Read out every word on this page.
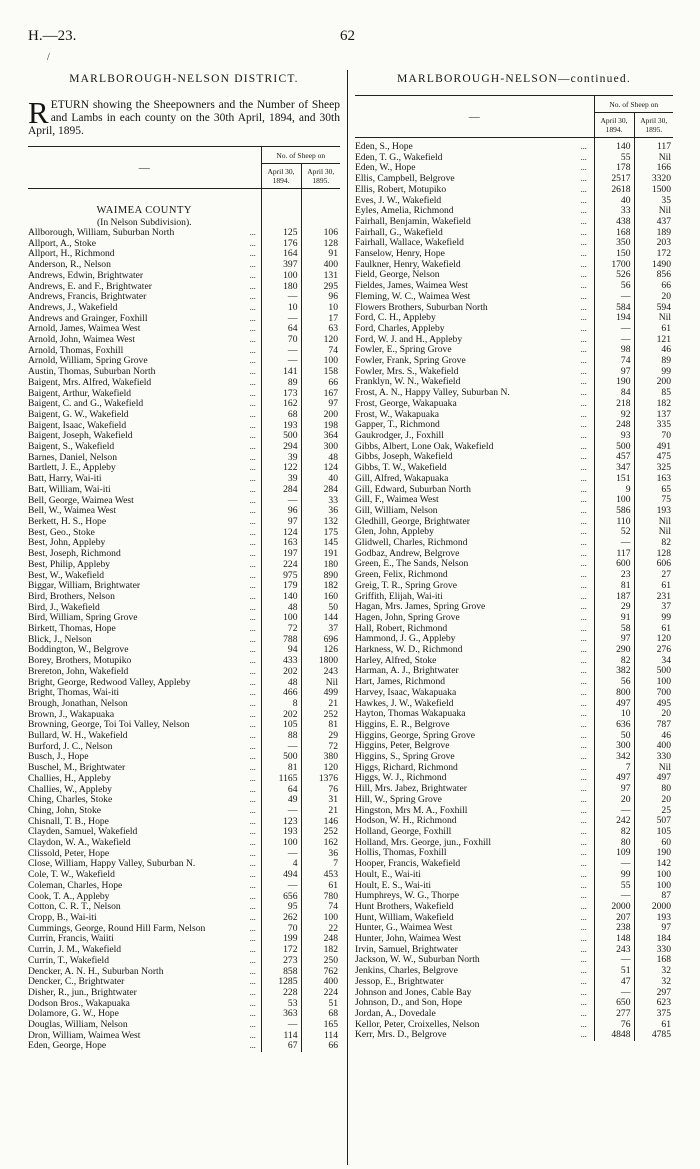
H.—23.	62
/
MARLBOROUGH-NELSON DISTRICT.
RETURN showing the Sheepowners and the Number of Sheep and Lambs in each county on the 30th April, 1894, and 30th April, 1895.
—		No. of Sheep on	
		April 30, 1894.	April 30, 1895.

WAIMEA COUNTY			
(In Nelson Subdivision).			
Allborough, William, Suburban North	...	125	106
Allport, A., Stoke	...	176	128
Allport, H., Richmond	...	164	91
Anderson, R., Nelson	...	397	400
Andrews, Edwin, Brightwater	...	100	131
Andrews, E. and F., Brightwater	...	180	295
Andrews, Francis, Brightwater	...	—	96
Andrews, J., Wakefield	...	10	10
Andrews and Grainger, Foxhill	...	—	17
Arnold, James, Waimea West	...	64	63
Arnold, John, Waimea West	...	70	120
Arnold, Thomas, Foxhill	...	—	74
Arnold, William, Spring Grove	...	—	100
Austin, Thomas, Suburban North	...	141	158
Baigent, Mrs. Alfred, Wakefield	...	89	66
Baigent, Arthur, Wakefield	...	173	167
Baigent, C. and G., Wakefield	...	162	97
Baigent, G. W., Wakefield	...	68	200
Baigent, Isaac, Wakefield	...	193	198
Baigent, Joseph, Wakefield	...	500	364
Baigent, S., Wakefield	...	294	300
Barnes, Daniel, Nelson	...	39	48
Bartlett, J. E., Appleby	...	122	124
Batt, Harry, Wai-iti	...	39	40
Batt, William, Wai-iti	...	284	284
Bell, George, Waimea West	...	—	33
Bell, W., Waimea West	...	96	36
Berkett, H. S., Hope	...	97	132
Best, Geo., Stoke	...	124	175
Best, John, Appleby	...	163	145
Best, Joseph, Richmond	...	197	191
Best, Philip, Appleby	...	224	180
Best, W., Wakefield	...	975	890
Biggar, William, Brightwater	...	179	182
Bird, Brothers, Nelson	...	140	160
Bird, J., Wakefield	...	48	50
Bird, William, Spring Grove	...	100	144
Birkett, Thomas, Hope	...	72	37
Blick, J., Nelson	...	788	696
Boddington, W., Belgrove	...	94	126
Borey, Brothers, Motupiko	...	433	1800
Brereton, John, Wakefield	...	202	243
Bright, George, Redwood Valley, Appleby	...	48	Nil
Bright, Thomas, Wai-iti	...	466	499
Brough, Jonathan, Nelson	...	8	21
Brown, J., Wakapuaka	...	202	252
Browning, George, Toi Toi Valley, Nelson	...	105	81
Bullard, W. H., Wakefield	...	88	29
Burford, J. C., Nelson	...	—	72
Busch, J., Hope	...	500	380
Buschel, M., Brightwater	...	81	120
Challies, H., Appleby	...	1165	1376
Challies, W., Appleby	...	64	76
Ching, Charles, Stoke	...	49	31
Ching, John, Stoke	...	—	21
Chisnall, T. B., Hope	...	123	146
Clayden, Samuel, Wakefield	...	193	252
Claydon, W. A., Wakefield	...	100	162
Clissold, Peter, Hope	...	—	36
Close, William, Happy Valley, Suburban N.	...	4	7
Cole, T. W., Wakefield	...	494	453
Coleman, Charles, Hope	...	—	61
Cook, T. A., Appleby	...	656	780
Cotton, C. R. T., Nelson	...	95	74
Cropp, B., Wai-iti	...	262	100
Cummings, George, Round Hill Farm, Nelson	...	70	22
Currin, Francis, Waiiti	...	199	248
Currin, J. M., Wakefield	...	172	182
Currin, T., Wakefield	...	273	250
Dencker, A. N. H., Suburban North	...	858	762
Dencker, C., Brightwater	...	1285	400
Disher, R., jun., Brightwater	...	228	224
Dodson Bros., Wakapuaka	...	53	51
Dolamore, G. W., Hope	...	363	68
Douglas, William, Nelson	...	—	165
Dron, William, Waimea West	...	114	114
Eden, George, Hope	...	67	66
MARLBOROUGH-NELSON—continued.
—		No. of Sheep on	
		April 30, 1894.	April 30, 1895.

Eden, S., Hope	...	140	117
Eden, T. G., Wakefield	...	55	Nil
Eden, W., Hope	...	178	166
Ellis, Campbell, Belgrove	...	2517	3320
Ellis, Robert, Motupiko	...	2618	1500
Eves, J. W., Wakefield	...	40	35
Eyles, Amelia, Richmond	...	33	Nil
Fairhall, Benjamin, Wakefield	...	438	437
Fairhall, G., Wakefield	...	168	189
Fairhall, Wallace, Wakefield	...	350	203
Fanselow, Henry, Hope	...	150	172
Faulkner, Henry, Wakefield	...	1700	1490
Field, George, Nelson	...	526	856
Fieldes, James, Waimea West	...	56	66
Fleming, W. C., Waimea West	...	—	20
Flowers Brothers, Suburban North	...	584	594
Ford, C. H., Appleby	...	194	Nil
Ford, Charles, Appleby	...	—	61
Ford, W. J. and H., Appleby	...	—	121
Fowler, E., Spring Grove	...	98	46
Fowler, Frank, Spring Grove	...	74	89
Fowler, Mrs. S., Wakefield	...	97	99
Franklyn, W. N., Wakefield	...	190	200
Frost, A. N., Happy Valley, Suburban N.	...	84	85
Frost, George, Wakapuaka	...	218	182
Frost, W., Wakapuaka	...	92	137
Gapper, T., Richmond	...	248	335
Gaukrodger, J., Foxhill	...	93	70
Gibbs, Albert, Lone Oak, Wakefield	...	500	491
Gibbs, Joseph, Wakefield	...	457	475
Gibbs, T. W., Wakefield	...	347	325
Gill, Alfred, Wakapuaka	...	151	163
Gill, Edward, Suburban North	...	9	65
Gill, F., Waimea West	...	100	75
Gill, William, Nelson	...	586	193
Gledhill, George, Brightwater	...	110	Nil
Glen, John, Appleby	...	52	Nil
Glidwell, Charles, Richmond	...	—	82
Godbaz, Andrew, Belgrove	...	117	128
Green, E., The Sands, Nelson	...	600	606
Green, Felix, Richmond	...	23	27
Greig, T. R., Spring Grove	...	81	61
Griffith, Elijah, Wai-iti	...	187	231
Hagan, Mrs. James, Spring Grove	...	29	37
Hagen, John, Spring Grove	...	91	99
Hall, Robert, Richmond	...	58	61
Hammond, J. G., Appleby	...	97	120
Harkness, W. D., Richmond	...	290	276
Harley, Alfred, Stoke	...	82	34
Harman, A. J., Brightwater	...	382	500
Hart, James, Richmond	...	56	100
Harvey, Isaac, Wakapuaka	...	800	700
Hawkes, J. W., Wakefield	...	497	495
Hayton, Thomas Wakapuaka	...	10	20
Higgins, E. R., Belgrove	...	636	787
Higgins, George, Spring Grove	...	50	46
Higgins, Peter, Belgrove	...	300	400
Higgins, S., Spring Grove	...	342	330
Higgs, Richard, Richmond	...	7	Nil
Higgs, W. J., Richmond	...	497	497
Hill, Mrs. Jabez, Brightwater	...	97	80
Hill, W., Spring Grove	...	20	20
Hingston, Mrs M. A., Foxhill	...	—	25
Hodson, W. H., Richmond	...	242	507
Holland, George, Foxhill	...	82	105
Holland, Mrs. George, jun., Foxhill	...	80	60
Hollis, Thomas, Foxhill	...	109	190
Hooper, Francis, Wakefield	...	—	142
Hoult, E., Wai-iti	...	99	100
Hoult, E. S., Wai-iti	...	55	100
Humphreys, W. G., Thorpe	...	—	87
Hunt Brothers, Wakefield	...	2000	2000
Hunt, William, Wakefield	...	207	193
Hunter, G., Waimea West	...	238	97
Hunter, John, Waimea West	...	148	184
Irvin, Samuel, Brightwater	...	243	330
Jackson, W. W., Suburban North	...	—	168
Jenkins, Charles, Belgrove	...	51	32
Jessop, E., Brightwater	...	47	32
Johnson and Jones, Cable Bay	...	—	297
Johnson, D., and Son, Hope	...	650	623
Jordan, A., Dovedale	...	277	375
Kellor, Peter, Croixelles, Nelson	...	76	61
Kerr, Mrs. D., Belgrove	...	4848	4785
